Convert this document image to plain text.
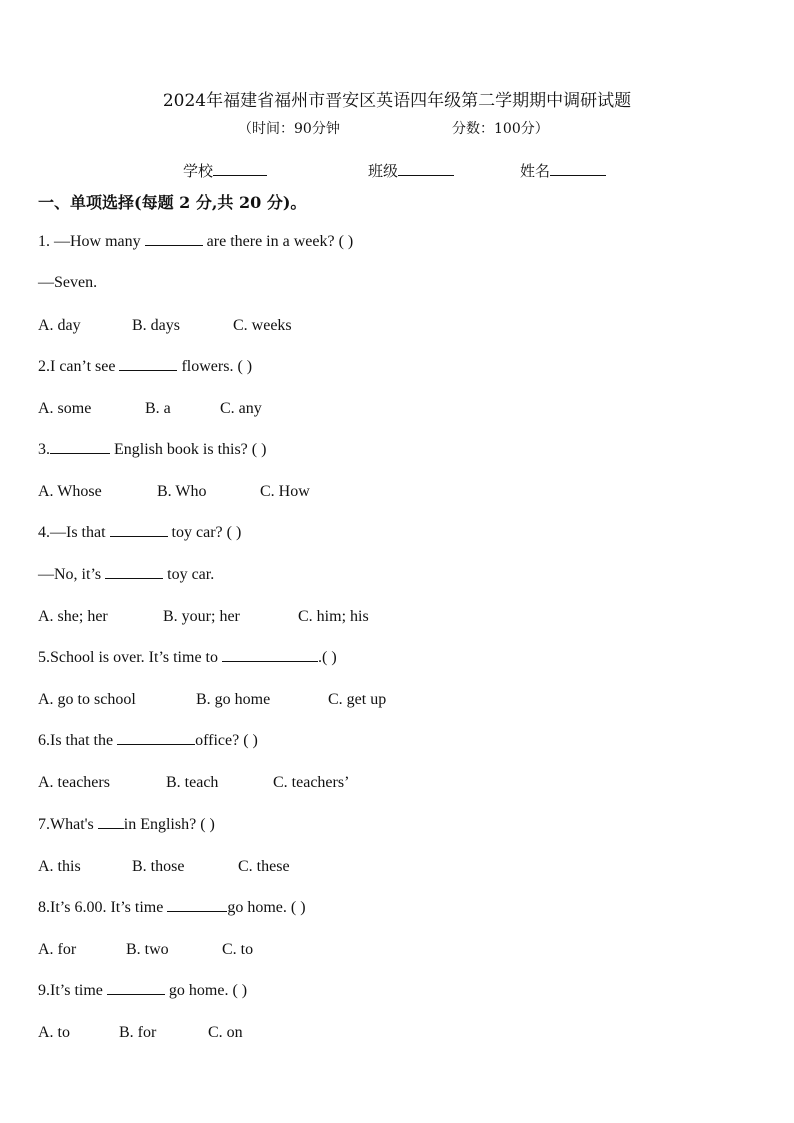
2024年福建省福州市晋安区英语四年级第二学期期中调研试题
（时间：90分钟	分数：100分）
学校	班级	姓名
一、单项选择(每题 2 分,共 20 分)。
1. —How many	are there in a week? ( )
—Seven.
A. day	B. days	C. weeks
2.I can’t see	flowers. ( )
A. some	B. a	C. any
3.	English book is this? ( )
A. Whose	B. Who	C. How
4.—Is that	toy car? ( )
—No, it’s	toy car.
A. she; her	B. your; her	C. him; his
5.School is over. It’s time to	.( )
A. go to school	B. go home	C. get up
6.Is that the	office? ( )
A. teachers	B. teach	C. teachers’
7.What's in English? ( )
A. this	B. those	C. these
8.It’s 6.00. It’s time	go home. ( )
A. for	B. two	C. to
9.It’s time	go home. ( )
A. to	B. for	C. on
